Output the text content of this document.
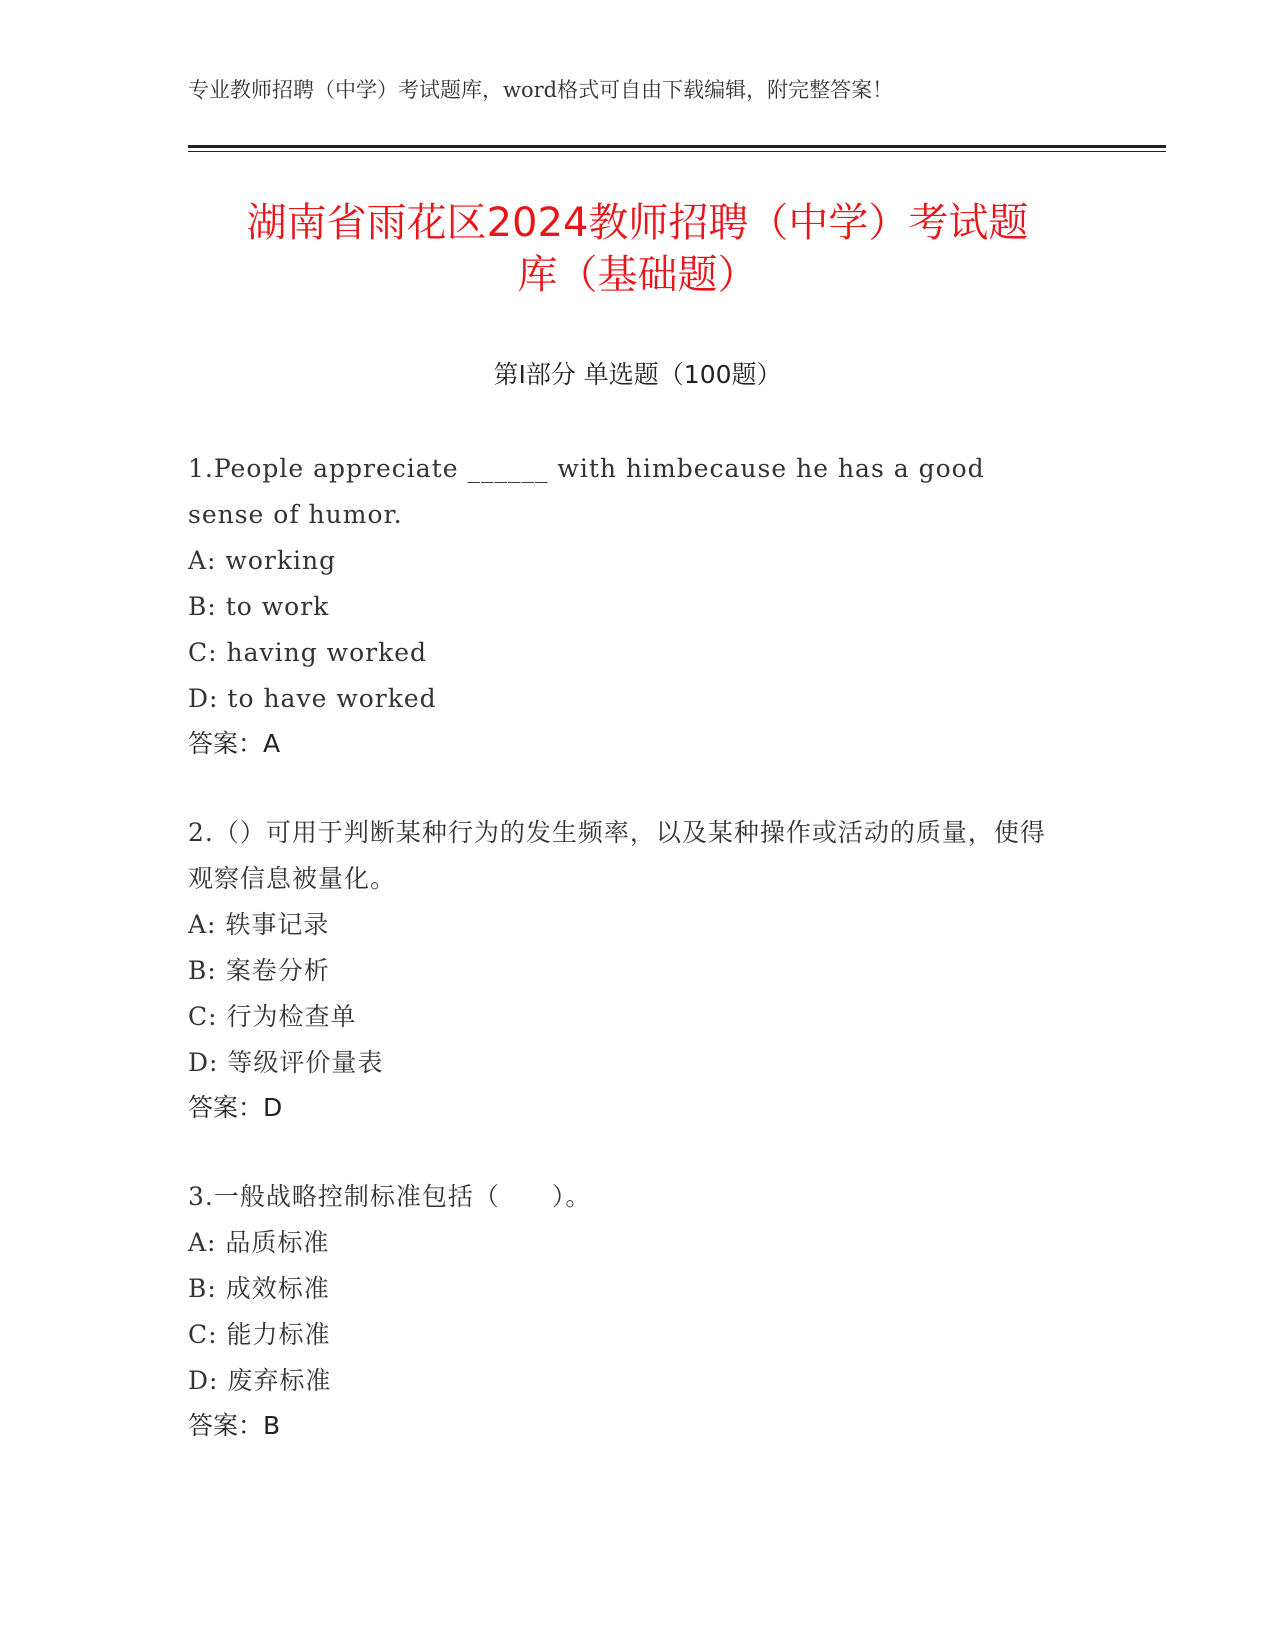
专业教师招聘（中学）考试题库，word格式可自由下载编辑，附完整答案！
湖南省雨花区2024教师招聘（中学）考试题
库（基础题）
第I部分 单选题（100题）
1.People appreciate ______ with himbecause he has a good sense of humor.
A: working
B: to work
C: having worked
D: to have worked
答案：A
2.（）可用于判断某种行为的发生频率，以及某种操作或活动的质量，使得观察信息被量化。
A: 轶事记录
B: 案卷分析
C: 行为检查单
D: 等级评价量表
答案：D
3.一般战略控制标准包括（　　）。
A: 品质标准
B: 成效标准
C: 能力标准
D: 废弃标准
答案：B
